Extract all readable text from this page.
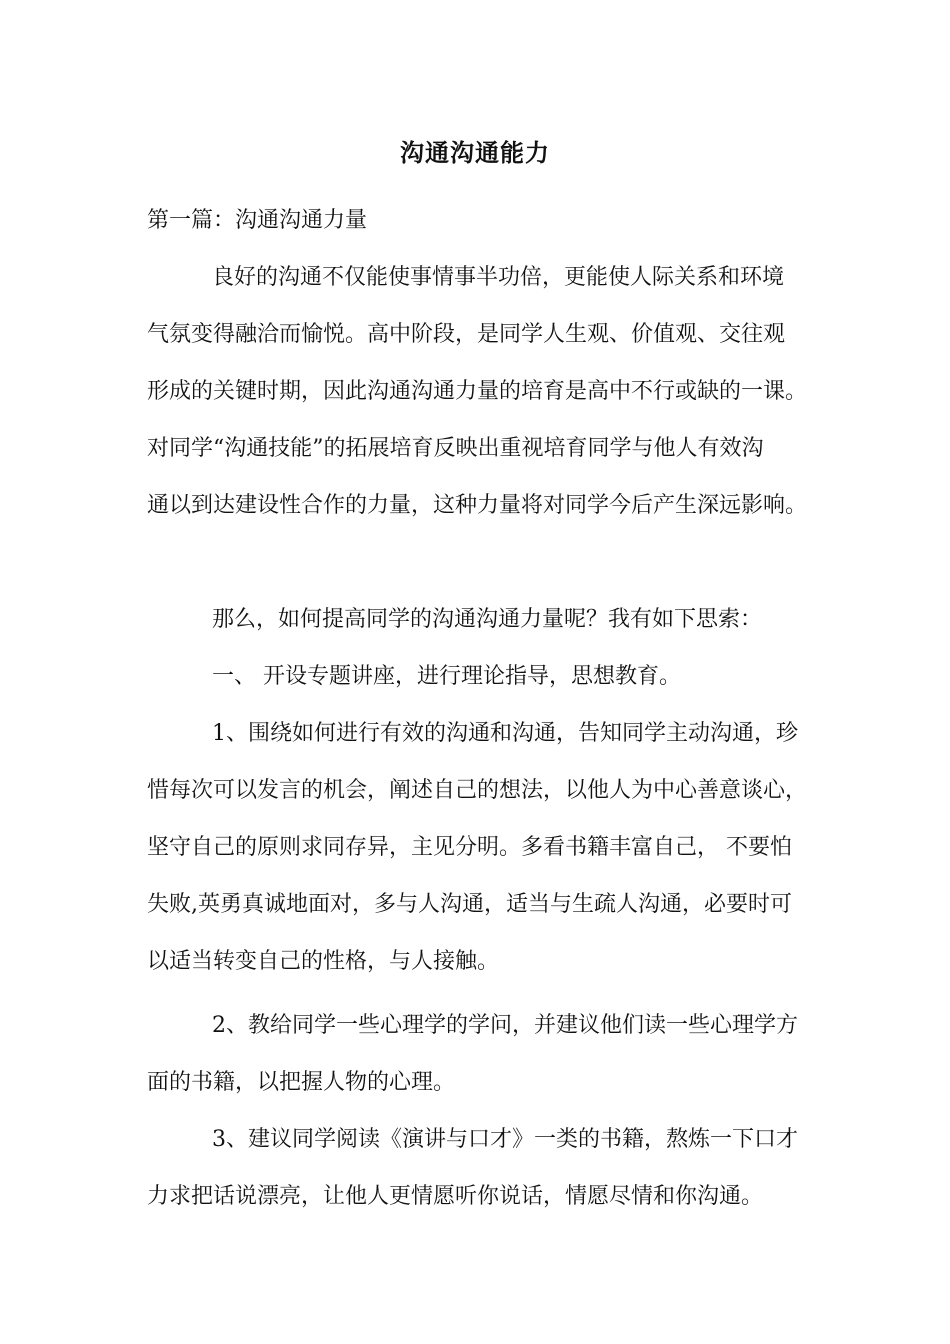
沟通沟通能力

第一篇：沟通沟通力量

良好的沟通不仅能使事情事半功倍，更能使人际关系和环境

气氛变得融洽而愉悦。高中阶段，是同学人生观、价值观、交往观

形成的关键时期，因此沟通沟通力量的培育是高中不行或缺的一课。

对同学“沟通技能”的拓展培育反映出重视培育同学与他人有效沟

通以到达建设性合作的力量，这种力量将对同学今后产生深远影响。

那么，如何提高同学的沟通沟通力量呢？我有如下思索：

一、 开设专题讲座，进行理论指导，思想教育。

1、围绕如何进行有效的沟通和沟通，告知同学主动沟通，珍

惜每次可以发言的机会，阐述自己的想法，以他人为中心善意谈心，

坚守自己的原则求同存异，主见分明。多看书籍丰富自己， 不要怕

失败,英勇真诚地面对，多与人沟通，适当与生疏人沟通，必要时可

以适当转变自己的性格，与人接触。

2、教给同学一些心理学的学问，并建议他们读一些心理学方

面的书籍，以把握人物的心理。

3、建议同学阅读《演讲与口才》一类的书籍，熬炼一下口才

力求把话说漂亮，让他人更情愿听你说话，情愿尽情和你沟通。
